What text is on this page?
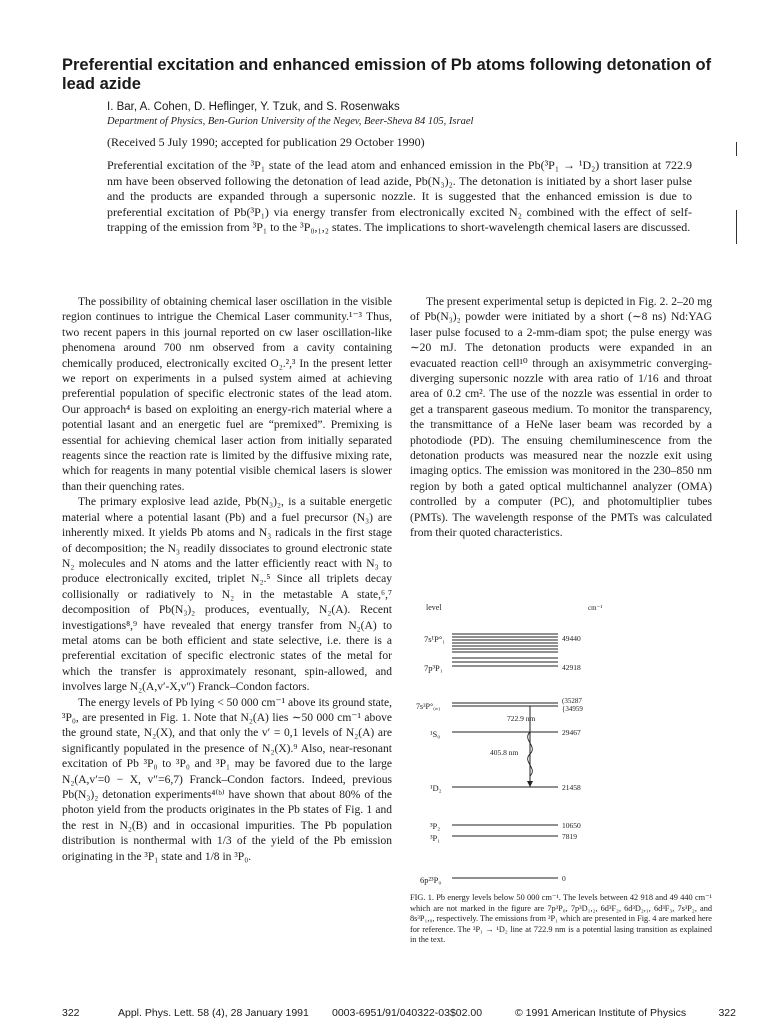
Preferential excitation and enhanced emission of Pb atoms following detonation of lead azide
I. Bar, A. Cohen, D. Heflinger, Y. Tzuk, and S. Rosenwaks
Department of Physics, Ben-Gurion University of the Negev, Beer-Sheva 84 105, Israel
(Received 5 July 1990; accepted for publication 29 October 1990)

Preferential excitation of the ³P₁ state of the lead atom and enhanced emission in the Pb(³P₁ → ¹D₂) transition at 722.9 nm have been observed following the detonation of lead azide, Pb(N₃)₂. The detonation is initiated by a short laser pulse and the products are expanded through a supersonic nozzle. It is suggested that the enhanced emission is due to preferential excitation of Pb(³P₁) via energy transfer from electronically excited N₂ combined with the effect of self-trapping of the emission from ³P₁ to the ³P₀,₁,₂ states. The implications to short-wavelength chemical lasers are discussed.

The possibility of obtaining chemical laser oscillation in the visible region continues to intrigue the Chemical Laser community.¹⁻³ Thus, two recent papers in this journal reported on cw laser oscillation-like phenomena around 700 nm observed from a cavity containing chemically produced, electronically excited O₂.²,³ In the present letter we report on experiments in a pulsed system aimed at achieving preferential population of specific electronic states of the lead atom. Our approach⁴ is based on exploiting an energy-rich material where a potential lasant and an energetic fuel are “premixed”. Premixing is essential for achieving chemical laser action from initially separated reagents since the reaction rate is limited by the diffusive mixing rate, which for reagents in many potential visible chemical lasers is slower than their quenching rates.

The primary explosive lead azide, Pb(N₃)₂, is a suitable energetic material where a potential lasant (Pb) and a fuel precursor (N₃) are inherently mixed. It yields Pb atoms and N₃ radicals in the first stage of decomposition; the N₃ readily dissociates to ground electronic state N₂ molecules and N atoms and the latter efficiently react with N₃ to produce electronically excited, triplet N₂.⁵ Since all triplets decay collisionally or radiatively to N₂ in the metastable A state,⁶,⁷ decomposition of Pb(N₃)₂ produces, eventually, N₂(A). Recent investigations⁸,⁹ have revealed that energy transfer from N₂(A) to metal atoms can be both efficient and state selective, i.e. there is a preferential excitation of specific electronic states of the metal for which the transfer is approximately resonant, spin-allowed, and involves large N₂(A,v′-X,v″) Franck–Condon factors.

The energy levels of Pb lying < 50 000 cm⁻¹ above its ground state, ³P₀, are presented in Fig. 1. Note that N₂(A) lies ∼50 000 cm⁻¹ above the ground state, N₂(X), and that only the v′ = 0,1 levels of N₂(A) are significantly populated in the presence of N₂(X).⁹ Also, near-resonant excitation of Pb ³P₀ to ³P₀ and ³P₁ may be favored due to the large N₂(A,v′=0 − X, v″=6,7) Franck–Condon factors. Indeed, previous Pb(N₃)₂ detonation experiments⁴⁽ᵇ⁾ have shown that about 80% of the photon yield from the products originates in the Pb states of Fig. 1 and the rest in N₂(B) and in occasional impurities. The Pb population distribution is nonthermal with 1/3 of the yield of the Pb emission originating in the ³P₁ state and 1/8 in ³P₀.

The present experimental setup is depicted in Fig. 2. 2–20 mg of Pb(N₃)₂ powder were initiated by a short (∼8 ns) Nd:YAG laser pulse focused to a 2-mm-diam spot; the pulse energy was ∼20 mJ. The detonation products were expanded in an evacuated reaction cell¹⁰ through an axisymmetric converging-diverging supersonic nozzle with area ratio of 1/16 and throat area of 0.2 cm². The use of the nozzle was essential in order to get a transparent gaseous medium. To monitor the transparency, the transmittance of a HeNe laser beam was recorded by a photodiode (PD). The ensuing chemiluminescence from the detonation products was measured near the nozzle exit using imaging optics. The emission was monitored in the 230–850 nm region by both a gated optical multichannel analyzer (OMA) controlled by a computer (PC), and photomultiplier tubes (PMTs). The wavelength response of the PMTs was calculated from their quoted characteristics.

level	cm⁻¹
7s¹P°₁	49440
7p³P₁	42918
7s³P°₀,₁
(35287
{34959
¹S₀	29467
722.9 nm
405.8 nm
¹D₂	21458
³P₂	10650
³P₁	7819
6p²³P₀	0

FIG. 1. Pb energy levels below 50 000 cm⁻¹. The levels between 42 918 and 49 440 cm⁻¹ which are not marked in the figure are 7p³P₀, 7p³D₁,₂, 6d³F₂, 6d³D₂,₁, 6d³F₃, 7s³P₂, and 8s³P₁,₀, respectively. The emissions from ³P₁ which are presented in Fig. 4 are marked here for reference. The ³P₁ → ¹D₂ line at 722.9 nm is a potential lasing transition as explained in the text.

322	Appl. Phys. Lett. 58 (4), 28 January 1991 0003-6951/91/040322-03$02.00	© 1991 American Institute of Physics	322
